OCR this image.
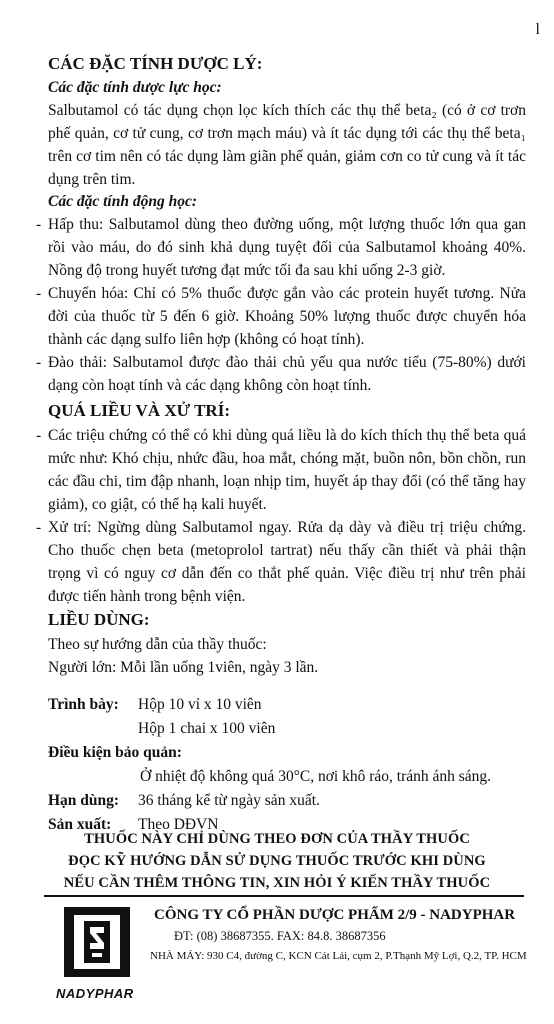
l
CÁC ĐẶC TÍNH DƯỢC LÝ:
Các đặc tính dược lực học:
Salbutamol có tác dụng chọn lọc kích thích các thụ thể beta₂ (có ở cơ trơn phế quản, cơ tử cung, cơ trơn mạch máu) và ít tác dụng tới các thụ thể beta₁ trên cơ tim nên có tác dụng làm giãn phế quản, giảm cơn co tử cung và ít tác dụng trên tim.
Các đặc tính động học:
- Hấp thu: Salbutamol dùng theo đường uống, một lượng thuốc lớn qua gan rồi vào máu, do đó sinh khả dụng tuyệt đối của Salbutamol khoảng 40%. Nồng độ trong huyết tương đạt mức tối đa sau khi uống 2-3 giờ.
- Chuyển hóa: Chỉ có 5% thuốc được gắn vào các protein huyết tương. Nửa đời của thuốc từ 5 đến 6 giờ. Khoảng 50% lượng thuốc được chuyển hóa thành các dạng sulfo liên hợp (không có hoạt tính).
- Đào thải: Salbutamol được đào thải chủ yếu qua nước tiểu (75-80%) dưới dạng còn hoạt tính và các dạng không còn hoạt tính.
QUÁ LIỀU VÀ XỬ TRÍ:
- Các triệu chứng có thể có khi dùng quá liều là do kích thích thụ thể beta quá mức như: Khó chịu, nhức đầu, hoa mắt, chóng mặt, buồn nôn, bồn chồn, run các đầu chi, tim đập nhanh, loạn nhịp tim, huyết áp thay đổi (có thể tăng hay giảm), co giật, có thể hạ kali huyết.
- Xử trí: Ngừng dùng Salbutamol ngay. Rửa dạ dày và điều trị triệu chứng. Cho thuốc chẹn beta (metoprolol tartrat) nếu thấy cần thiết và phải thận trọng vì có nguy cơ dẫn đến co thắt phế quản. Việc điều trị như trên phải được tiến hành trong bệnh viện.
LIỀU DÙNG:
Theo sự hướng dẫn của thầy thuốc:
Người lớn: Mỗi lần uống 1viên, ngày 3 lần.
Trình bày:	Hộp 10 vỉ x 10 viên
Hộp 1 chai x 100 viên
Điều kiện bảo quản:
Ở nhiệt độ không quá 30°C, nơi khô ráo, tránh ánh sáng.
Hạn dùng:	36 tháng kể từ ngày sản xuất.
Sản xuất:	Theo DĐVN
THUỐC NÀY CHỈ DÙNG THEO ĐƠN CỦA THẦY THUỐC
ĐỌC KỸ HƯỚNG DẪN SỬ DỤNG THUỐC TRƯỚC KHI DÙNG
NẾU CẦN THÊM THÔNG TIN, XIN HỎI Ý KIẾN THẦY THUỐC
NADYPHAR
CÔNG TY CỔ PHẦN DƯỢC PHẨM 2/9 - NADYPHAR
ĐT: (08) 38687355. FAX: 84.8. 38687356
NHÀ MÁY: 930 C4, đường C, KCN Cát Lái, cụm 2, P.Thạnh Mỹ Lợi, Q.2, TP. HCM
